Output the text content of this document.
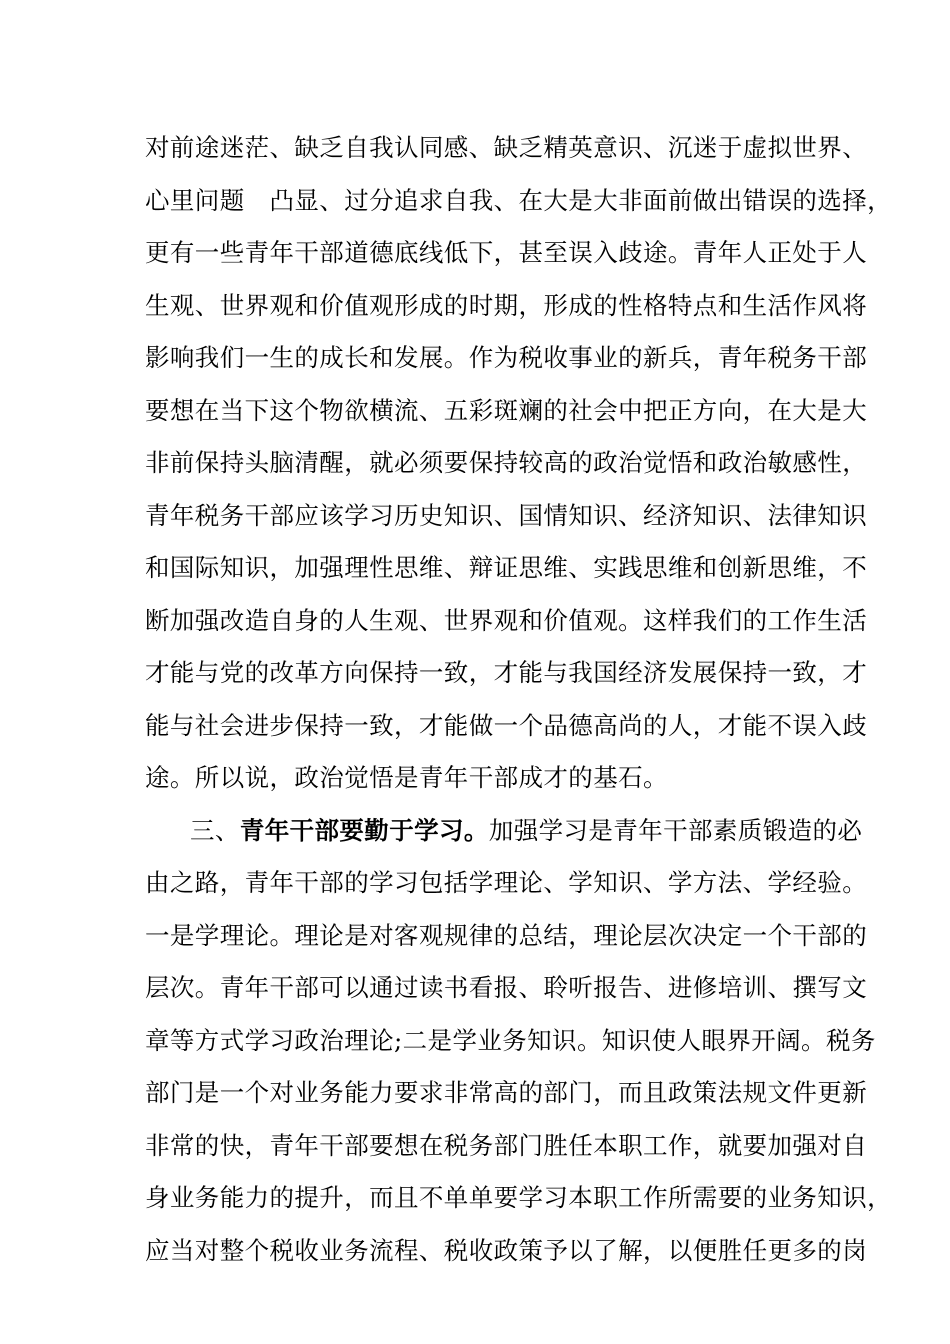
对前途迷茫、缺乏自我认同感、缺乏精英意识、沉迷于虚拟世界、
心里问题　凸显、过分追求自我、在大是大非面前做出错误的选择，
更有一些青年干部道德底线低下，甚至误入歧途。青年人正处于人
生观、世界观和价值观形成的时期，形成的性格特点和生活作风将
影响我们一生的成长和发展。作为税收事业的新兵，青年税务干部
要想在当下这个物欲横流、五彩斑斓的社会中把正方向，在大是大
非前保持头脑清醒，就必须要保持较高的政治觉悟和政治敏感性，
青年税务干部应该学习历史知识、国情知识、经济知识、法律知识
和国际知识，加强理性思维、辩证思维、实践思维和创新思维，不
断加强改造自身的人生观、世界观和价值观。这样我们的工作生活
才能与党的改革方向保持一致，才能与我国经济发展保持一致，才
能与社会进步保持一致，才能做一个品德高尚的人，才能不误入歧
途。所以说，政治觉悟是青年干部成才的基石。
三、青年干部要勤于学习。加强学习是青年干部素质锻造的必
由之路，青年干部的学习包括学理论、学知识、学方法、学经验。
一是学理论。理论是对客观规律的总结，理论层次决定一个干部的
层次。青年干部可以通过读书看报、聆听报告、进修培训、撰写文
章等方式学习政治理论;二是学业务知识。知识使人眼界开阔。税务
部门是一个对业务能力要求非常高的部门，而且政策法规文件更新
非常的快，青年干部要想在税务部门胜任本职工作，就要加强对自
身业务能力的提升，而且不单单要学习本职工作所需要的业务知识，
应当对整个税收业务流程、税收政策予以了解，以便胜任更多的岗
